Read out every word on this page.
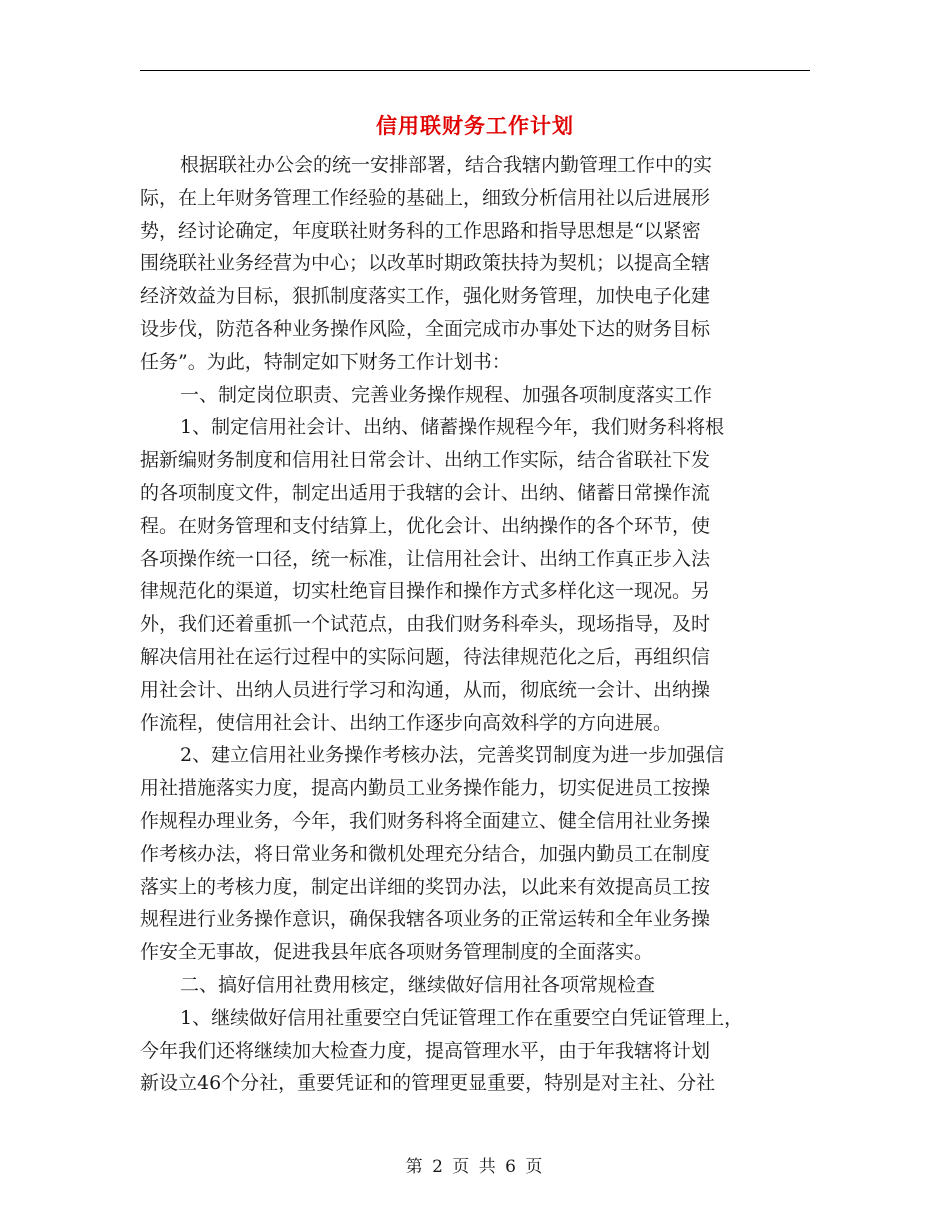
信用联财务工作计划
根据联社办公会的统一安排部署，结合我辖内勤管理工作中的实
际，在上年财务管理工作经验的基础上，细致分析信用社以后进展形
势，经讨论确定，年度联社财务科的工作思路和指导思想是“以紧密
围绕联社业务经营为中心；以改革时期政策扶持为契机；以提高全辖
经济效益为目标，狠抓制度落实工作，强化财务管理，加快电子化建
设步伐，防范各种业务操作风险，全面完成市办事处下达的财务目标
任务”。为此，特制定如下财务工作计划书：
一、制定岗位职责、完善业务操作规程、加强各项制度落实工作
1、制定信用社会计、出纳、储蓄操作规程今年，我们财务科将根
据新编财务制度和信用社日常会计、出纳工作实际，结合省联社下发
的各项制度文件，制定出适用于我辖的会计、出纳、储蓄日常操作流
程。在财务管理和支付结算上，优化会计、出纳操作的各个环节，使
各项操作统一口径，统一标准，让信用社会计、出纳工作真正步入法
律规范化的渠道，切实杜绝盲目操作和操作方式多样化这一现况。另
外，我们还着重抓一个试范点，由我们财务科牵头，现场指导，及时
解决信用社在运行过程中的实际问题，待法律规范化之后，再组织信
用社会计、出纳人员进行学习和沟通，从而，彻底统一会计、出纳操
作流程，使信用社会计、出纳工作逐步向高效科学的方向进展。
2、建立信用社业务操作考核办法，完善奖罚制度为进一步加强信
用社措施落实力度，提高内勤员工业务操作能力，切实促进员工按操
作规程办理业务，今年，我们财务科将全面建立、健全信用社业务操
作考核办法，将日常业务和微机处理充分结合，加强内勤员工在制度
落实上的考核力度，制定出详细的奖罚办法，以此来有效提高员工按
规程进行业务操作意识，确保我辖各项业务的正常运转和全年业务操
作安全无事故，促进我县年底各项财务管理制度的全面落实。
二、搞好信用社费用核定，继续做好信用社各项常规检查
1、继续做好信用社重要空白凭证管理工作在重要空白凭证管理上，
今年我们还将继续加大检查力度，提高管理水平，由于年我辖将计划
新设立46个分社，重要凭证和的管理更显重要，特别是对主社、分社
第 2 页 共 6 页
